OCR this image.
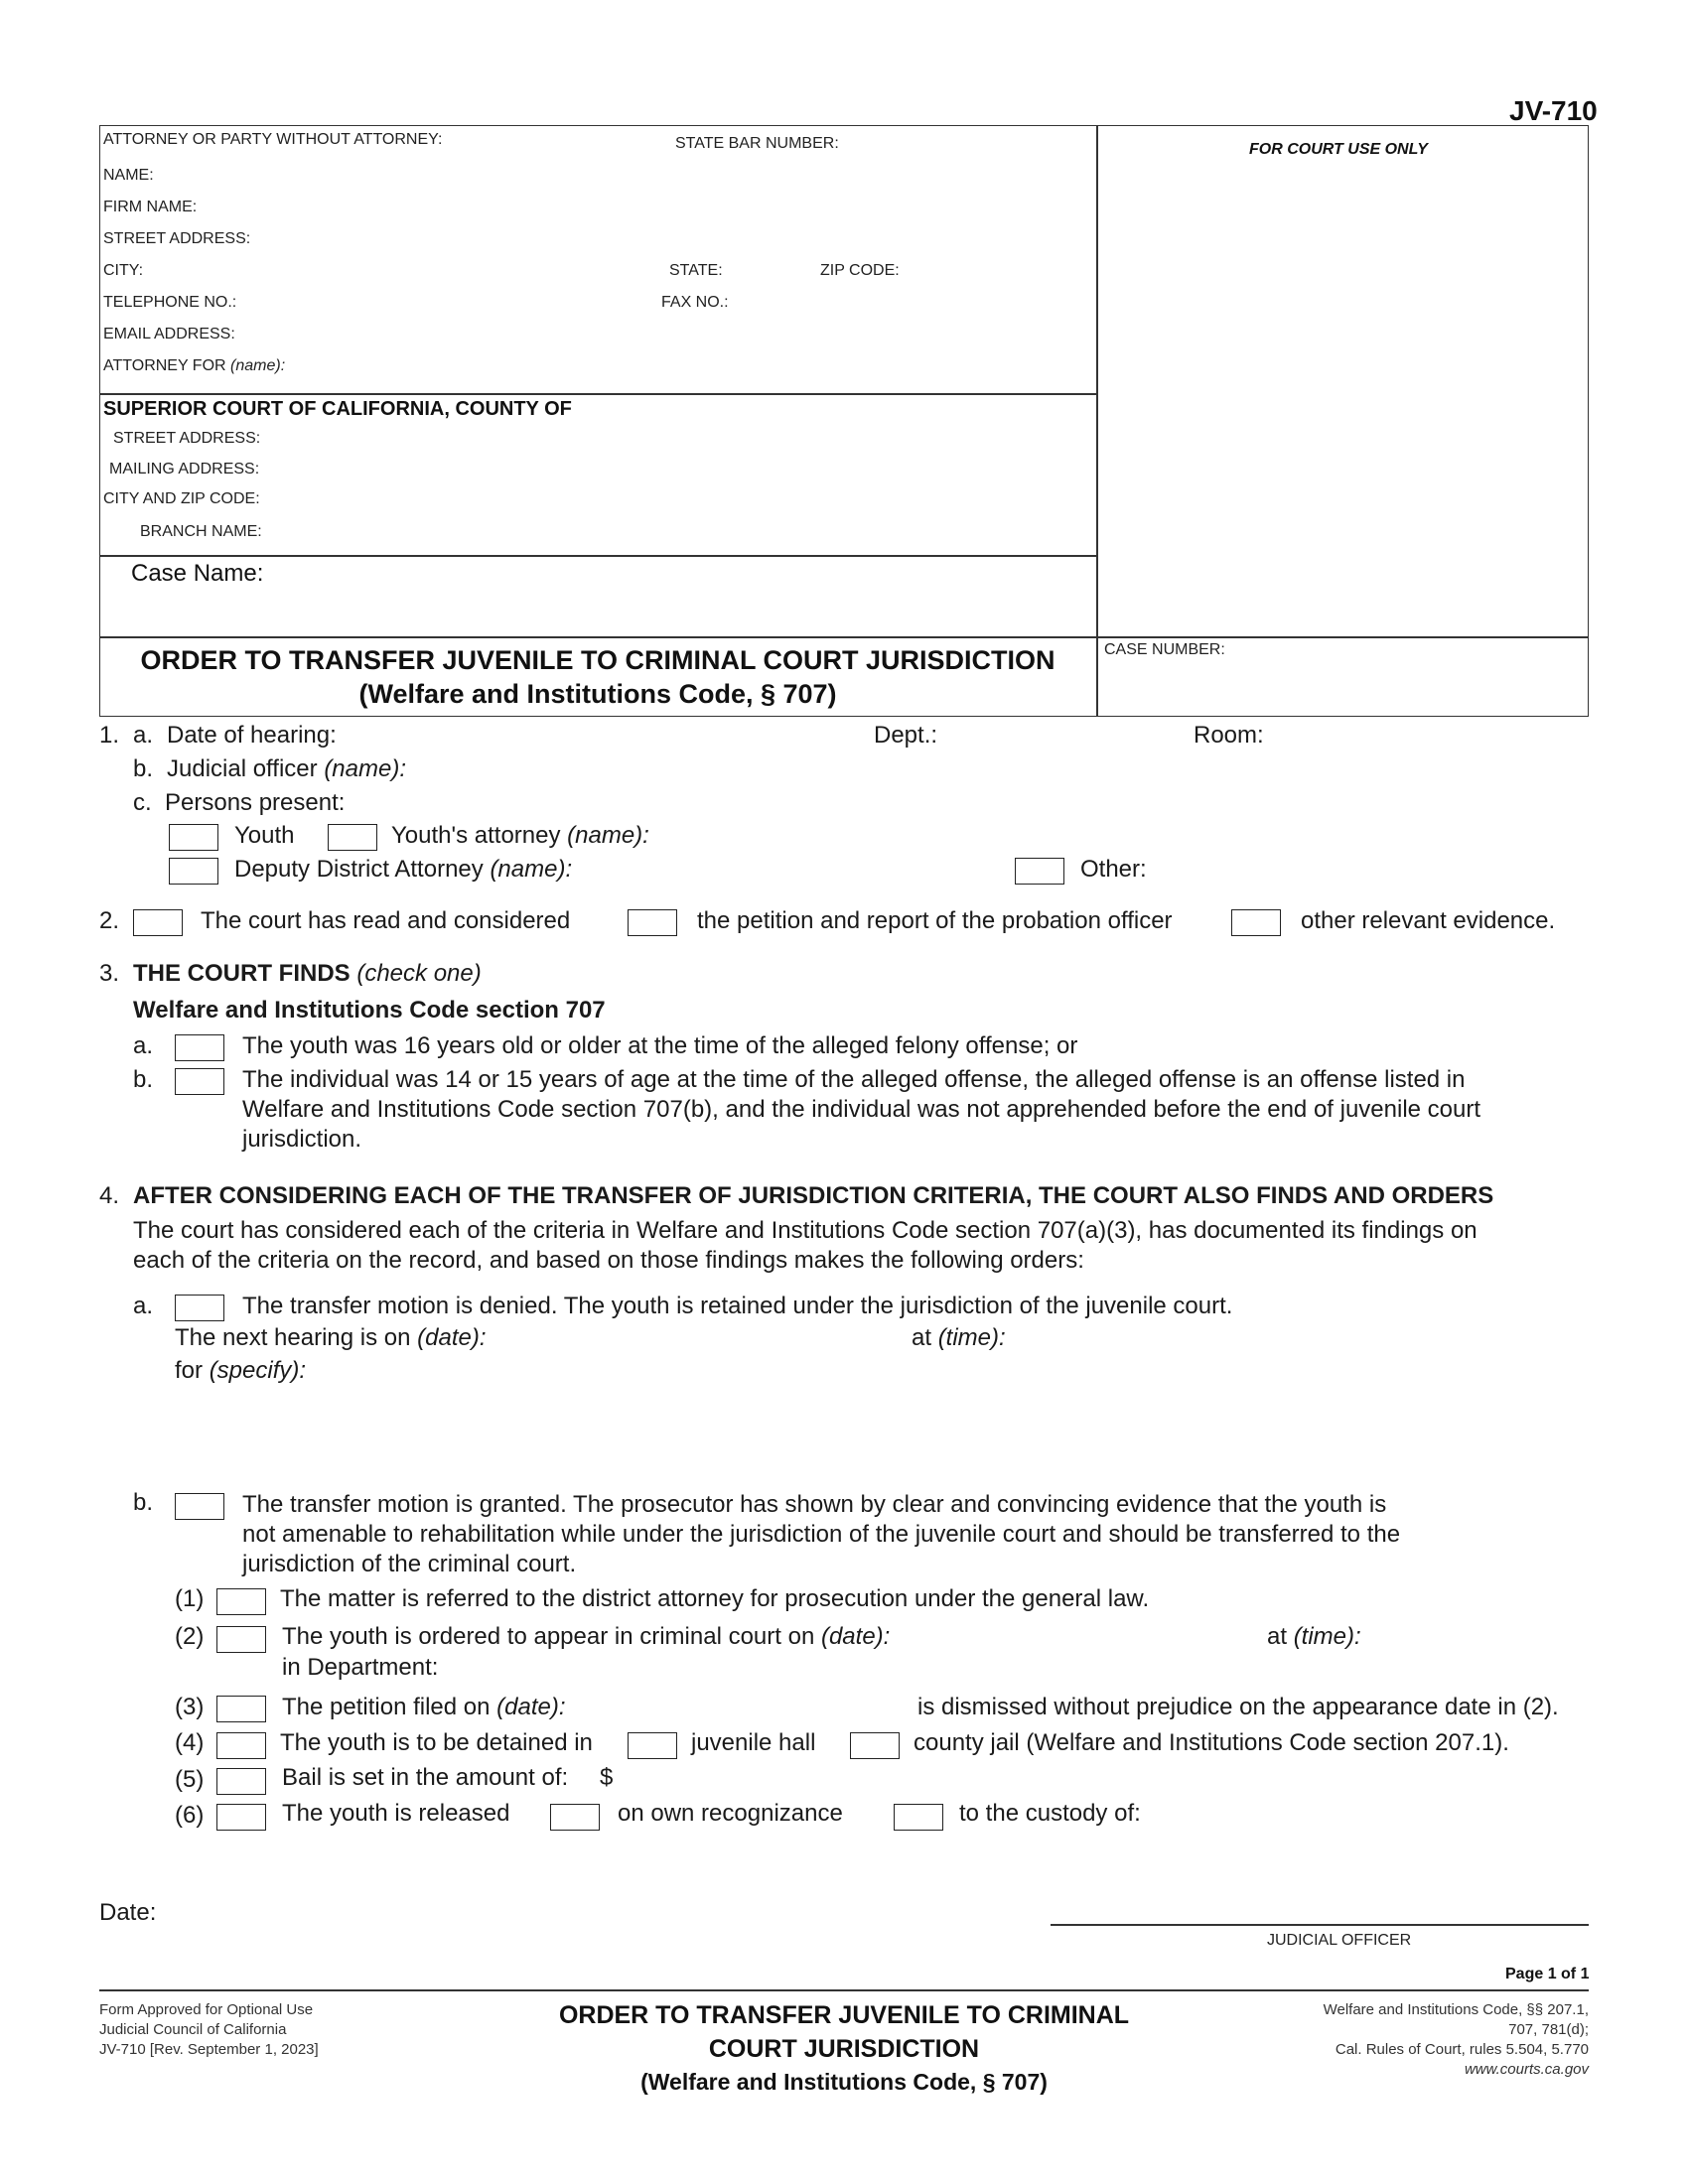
JV-710
ATTORNEY OR PARTY WITHOUT ATTORNEY:	STATE BAR NUMBER:
NAME:
FIRM NAME:
STREET ADDRESS:
CITY:	STATE:	ZIP CODE:
TELEPHONE NO.:	FAX NO.:
EMAIL ADDRESS:
ATTORNEY FOR (name):
FOR COURT USE ONLY
SUPERIOR COURT OF CALIFORNIA, COUNTY OF
STREET ADDRESS:
MAILING ADDRESS:
CITY AND ZIP CODE:
BRANCH NAME:
Case Name:
CASE NUMBER:
ORDER TO TRANSFER JUVENILE TO CRIMINAL COURT JURISDICTION
(Welfare and Institutions Code, § 707)
1. a. Date of hearing:	Dept.:	Room:
b. Judicial officer (name):
c. Persons present:
Youth	Youth's attorney (name):
Deputy District Attorney (name):	Other:
2.	The court has read and considered	the petition and report of the probation officer	other relevant evidence.
3. THE COURT FINDS (check one)
Welfare and Institutions Code section 707
a.	The youth was 16 years old or older at the time of the alleged felony offense; or
b.	The individual was 14 or 15 years of age at the time of the alleged offense, the alleged offense is an offense listed in
Welfare and Institutions Code section 707(b), and the individual was not apprehended before the end of juvenile court
jurisdiction.
4. AFTER CONSIDERING EACH OF THE TRANSFER OF JURISDICTION CRITERIA, THE COURT ALSO FINDS AND ORDERS
The court has considered each of the criteria in Welfare and Institutions Code section 707(a)(3), has documented its findings on
each of the criteria on the record, and based on those findings makes the following orders:
a.	The transfer motion is denied. The youth is retained under the jurisdiction of the juvenile court.
The next hearing is on (date):	at (time):
for (specify):
b.	The transfer motion is granted. The prosecutor has shown by clear and convincing evidence that the youth is
not amenable to rehabilitation while under the jurisdiction of the juvenile court and should be transferred to the
jurisdiction of the criminal court.
(1)	The matter is referred to the district attorney for prosecution under the general law.
(2)	The youth is ordered to appear in criminal court on (date):	at (time):
in Department:
(3)	The petition filed on (date):	is dismissed without prejudice on the appearance date in (2).
(4)	The youth is to be detained in	juvenile hall	county jail (Welfare and Institutions Code section 207.1).
(5)	Bail is set in the amount of: $
(6)	The youth is released	on own recognizance	to the custody of:
Date:
JUDICIAL OFFICER
Page 1 of 1
Form Approved for Optional Use
Judicial Council of California
JV-710 [Rev. September 1, 2023]
ORDER TO TRANSFER JUVENILE TO CRIMINAL
COURT JURISDICTION
(Welfare and Institutions Code, § 707)
Welfare and Institutions Code, §§ 207.1,
707, 781(d);
Cal. Rules of Court, rules 5.504, 5.770
www.courts.ca.gov
